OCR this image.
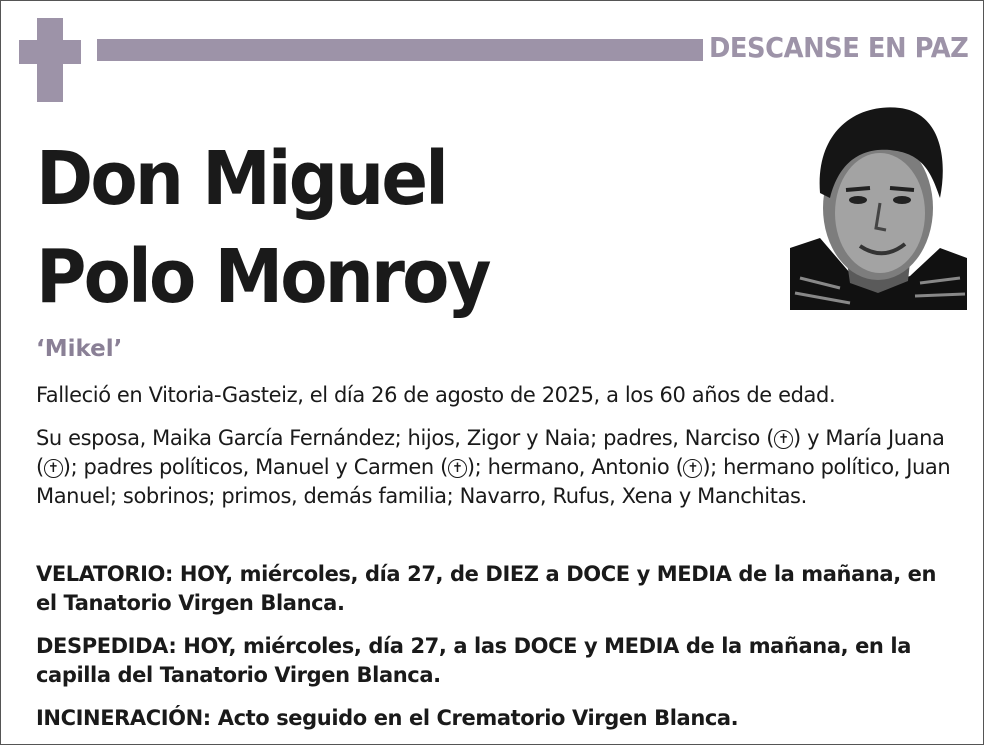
DESCANSE EN PAZ
Don Miguel
Polo Monroy
‘Mikel’
Falleció en Vitoria-Gasteiz, el día 26 de agosto de 2025, a los 60 años de edad.
Su esposa, Maika García Fernández; hijos, Zigor y Naia; padres, Narciso ( ✝ ) y María Juana ( ✝ ); padres políticos, Manuel y Carmen ( ✝ ); hermano, Antonio ( ✝ ); hermano político, Juan Manuel; sobrinos; primos, demás familia; Navarro, Rufus, Xena y Manchitas.
VELATORIO: HOY, miércoles, día 27, de DIEZ a DOCE y MEDIA de la mañana, en el Tanatorio Virgen Blanca.
DESPEDIDA: HOY, miércoles, día 27, a las DOCE y MEDIA de la mañana, en la capilla del Tanatorio Virgen Blanca.
INCINERACIÓN: Acto seguido en el Crematorio Virgen Blanca.
